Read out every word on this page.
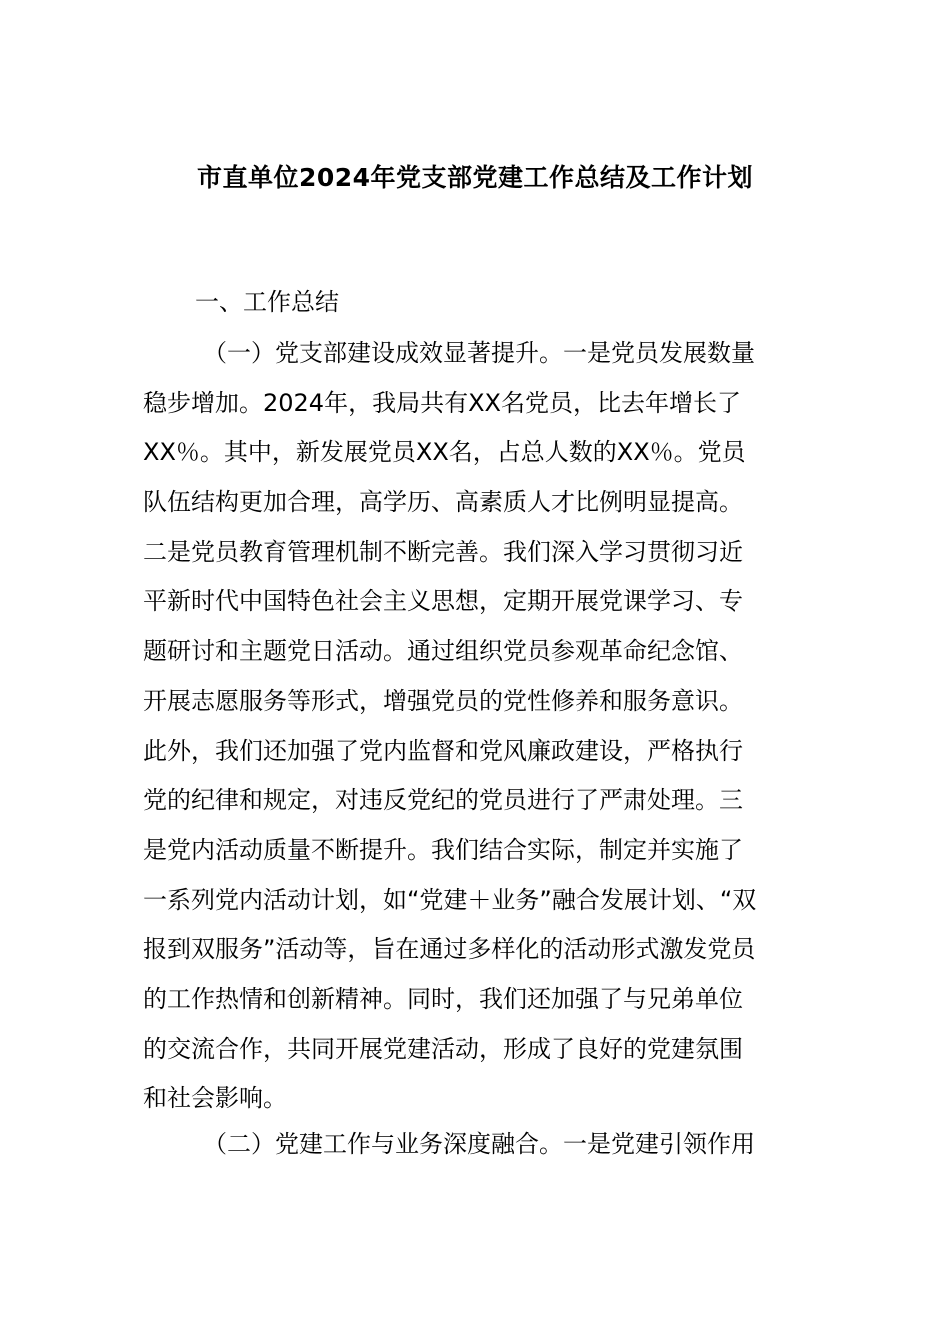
市直单位2024年党支部党建工作总结及工作计划
一、工作总结
（一）党支部建设成效显著提升。一是党员发展数量
稳步增加。2024年，我局共有XX名党员，比去年增长了
XX％。其中，新发展党员XX名，占总人数的XX％。党员
队伍结构更加合理，高学历、高素质人才比例明显提高。
二是党员教育管理机制不断完善。我们深入学习贯彻习近
平新时代中国特色社会主义思想，定期开展党课学习、专
题研讨和主题党日活动。通过组织党员参观革命纪念馆、
开展志愿服务等形式，增强党员的党性修养和服务意识。
此外，我们还加强了党内监督和党风廉政建设，严格执行
党的纪律和规定，对违反党纪的党员进行了严肃处理。三
是党内活动质量不断提升。我们结合实际，制定并实施了
一系列党内活动计划，如“党建＋业务”融合发展计划、“双
报到双服务”活动等，旨在通过多样化的活动形式激发党员
的工作热情和创新精神。同时，我们还加强了与兄弟单位
的交流合作，共同开展党建活动，形成了良好的党建氛围
和社会影响。
（二）党建工作与业务深度融合。一是党建引领作用
